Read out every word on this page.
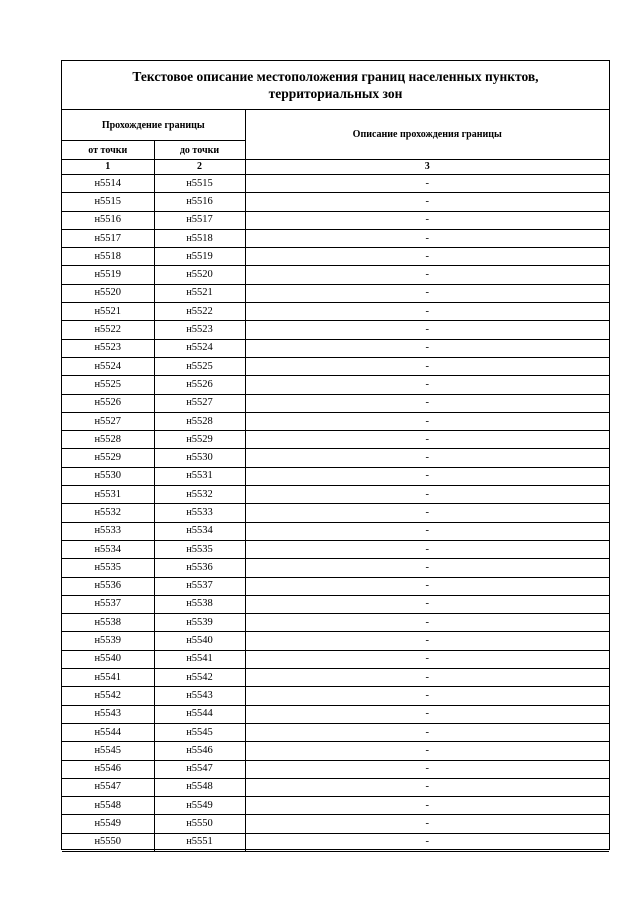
Текстовое описание местоположения границ населенных пунктов,
территориальных зон
Прохождение границы		Описание прохождения границы
от точки	до точки	
1	2	3
н5514	н5515	-
н5515	н5516	-
н5516	н5517	-
н5517	н5518	-
н5518	н5519	-
н5519	н5520	-
н5520	н5521	-
н5521	н5522	-
н5522	н5523	-
н5523	н5524	-
н5524	н5525	-
н5525	н5526	-
н5526	н5527	-
н5527	н5528	-
н5528	н5529	-
н5529	н5530	-
н5530	н5531	-
н5531	н5532	-
н5532	н5533	-
н5533	н5534	-
н5534	н5535	-
н5535	н5536	-
н5536	н5537	-
н5537	н5538	-
н5538	н5539	-
н5539	н5540	-
н5540	н5541	-
н5541	н5542	-
н5542	н5543	-
н5543	н5544	-
н5544	н5545	-
н5545	н5546	-
н5546	н5547	-
н5547	н5548	-
н5548	н5549	-
н5549	н5550	-
н5550	н5551	-
